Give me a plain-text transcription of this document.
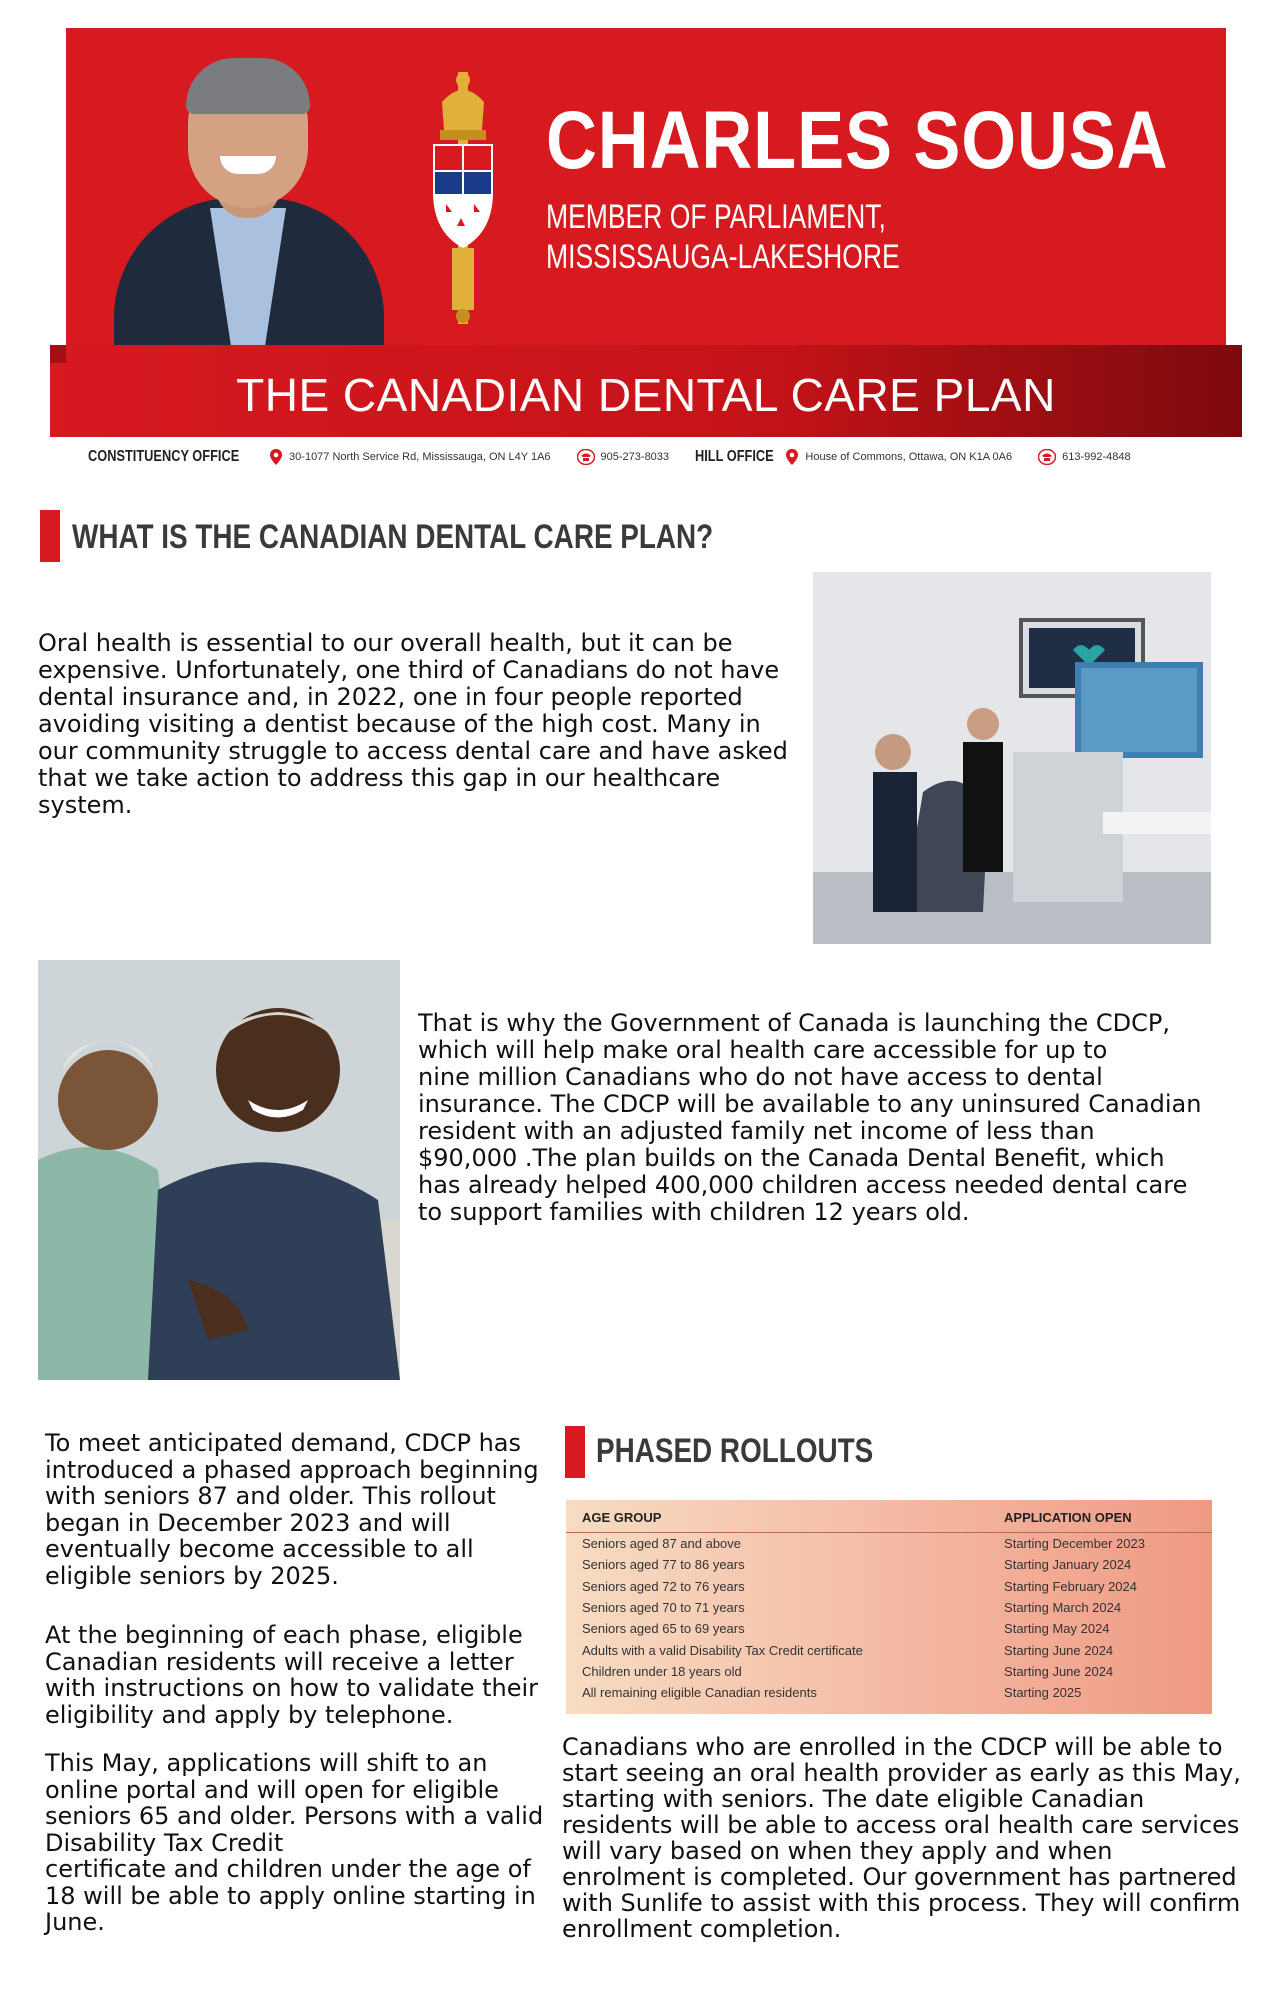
CHARLES SOUSA
MEMBER OF PARLIAMENT,
MISSISSAUGA-LAKESHORE
THE CANADIAN DENTAL CARE PLAN
CONSTITUENCY OFFICE	30-1077 North Service Rd, Mississauga, ON L4Y 1A6	905-273-8033 HILL OFFICE	House of Commons, Ottawa, ON K1A 0A6	613-992-4848
WHAT IS THE CANADIAN DENTAL CARE PLAN?
Oral health is essential to our overall health, but it can be expensive. Unfortunately, one third of Canadians do not have dental insurance and, in 2022, one in four people reported avoiding visiting a dentist because of the high cost. Many in our community struggle to access dental care and have asked that we take action to address this gap in our healthcare system.
That is why the Government of Canada is launching the CDCP, which will help make oral health care accessible for up to
nine million Canadians who do not have access to dental insurance. The CDCP will be available to any uninsured Canadian resident with an adjusted family net income of less than
$90,000 .The plan builds on the Canada Dental Benefit, which has already helped 400,000 children access needed dental care to support families with children 12 years old.
To meet anticipated demand, CDCP has introduced a phased approach beginning with seniors 87 and older. This rollout began in December 2023 and will eventually become accessible to all eligible seniors by 2025.
At the beginning of each phase, eligible Canadian residents will receive a letter with instructions on how to validate their eligibility and apply by telephone.
This May, applications will shift to an online portal and will open for eligible seniors 65 and older. Persons with a valid Disability Tax Credit
certificate and children under the age of 18 will be able to apply online starting in June.
PHASED ROLLOUTS
AGE GROUP	APPLICATION OPEN
Seniors aged 87 and above	Starting December 2023
Seniors aged 77 to 86 years	Starting January 2024
Seniors aged 72 to 76 years	Starting February 2024
Seniors aged 70 to 71 years	Starting March 2024
Seniors aged 65 to 69 years	Starting May 2024
Adults with a valid Disability Tax Credit certificate	Starting June 2024
Children under 18 years old	Starting June 2024
All remaining eligible Canadian residents	Starting 2025
Canadians who are enrolled in the CDCP will be able to start seeing an oral health provider as early as this May, starting with seniors. The date eligible Canadian residents will be able to access oral health care services will vary based on when they apply and when enrolment is completed. Our government has partnered with Sunlife to assist with this process. They will confirm enrollment completion.
